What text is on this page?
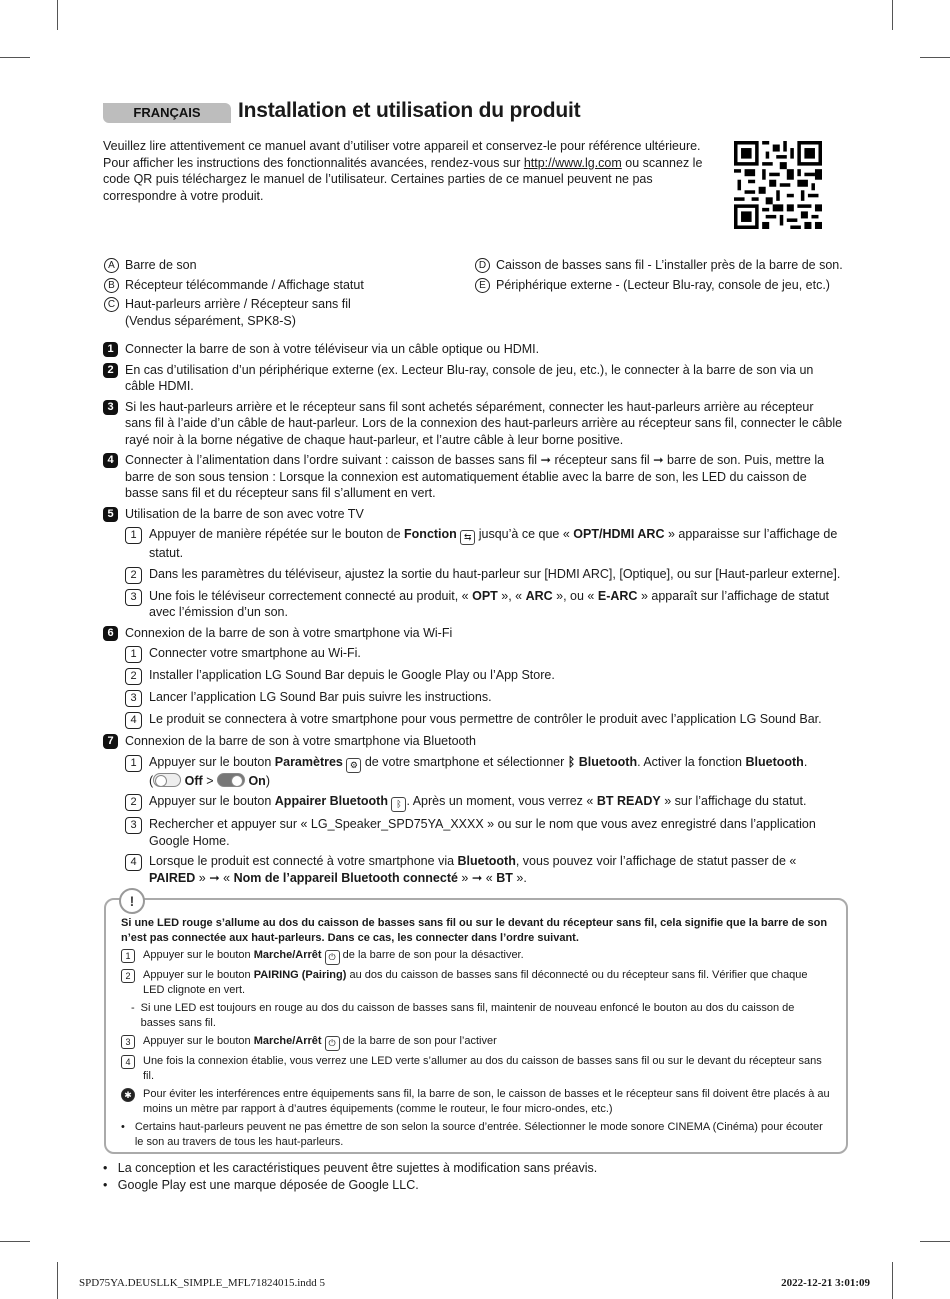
FRANÇAIS	Installation et utilisation du produit
Veuillez lire attentivement ce manuel avant d’utiliser votre appareil et conservez-le pour référence ultérieure. Pour afficher les instructions des fonctionnalités avancées, rendez-vous sur http://www.lg.com ou scannez le code QR puis téléchargez le manuel de l’utilisateur. Certaines parties de ce manuel peuvent ne pas correspondre à votre produit.
A Barre de son
B Récepteur télécommande / Affichage statut
C Haut-parleurs arrière / Récepteur sans fil
(Vendus séparément, SPK8-S)
D Caisson de basses sans fil - L’installer près de la barre de son.
E Périphérique externe - (Lecteur Blu-ray, console de jeu, etc.)
1 Connecter la barre de son à votre téléviseur via un câble optique ou HDMI.
2 En cas d’utilisation d’un périphérique externe (ex. Lecteur Blu-ray, console de jeu, etc.), le connecter à la barre de son via un câble HDMI.
3 Si les haut-parleurs arrière et le récepteur sans fil sont achetés séparément, connecter les haut-parleurs arrière au récepteur sans fil à l’aide d’un câble de haut-parleur. Lors de la connexion des haut-parleurs arrière au récepteur sans fil, connecter le câble rayé noir à la borne négative de chaque haut-parleur, et l’autre câble à leur borne positive.
4 Connecter à l’alimentation dans l’ordre suivant : caisson de basses sans fil ➞ récepteur sans fil ➞ barre de son. Puis, mettre la barre de son sous tension : Lorsque la connexion est automatiquement établie avec la barre de son, les LED du caisson de basse sans fil et du récepteur sans fil s’allument en vert.
5 Utilisation de la barre de son avec votre TV
1 Appuyer de manière répétée sur le bouton de Fonction ⇆ jusqu’à ce que « OPT/HDMI ARC » apparaisse sur l’affichage de statut.
2 Dans les paramètres du téléviseur, ajustez la sortie du haut-parleur sur [HDMI ARC], [Optique], ou sur [Haut-parleur externe].
3 Une fois le téléviseur correctement connecté au produit, « OPT », « ARC », ou « E-ARC » apparaît sur l’affichage de statut avec l’émission d’un son.
6 Connexion de la barre de son à votre smartphone via Wi-Fi
1 Connecter votre smartphone au Wi-Fi.
2 Installer l’application LG Sound Bar depuis le Google Play ou l’App Store.
3 Lancer l’application LG Sound Bar puis suivre les instructions.
4 Le produit se connectera à votre smartphone pour vous permettre de contrôler le produit avec l’application LG Sound Bar.
7 Connexion de la barre de son à votre smartphone via Bluetooth
1 Appuyer sur le bouton Paramètres ⚙ de votre smartphone et sélectionner ᛒ Bluetooth. Activer la fonction Bluetooth.
(	Off >	On)
2 Appuyer sur le bouton Appairer Bluetooth ᛒ . Après un moment, vous verrez « BT READY » sur l’affichage du statut.
3 Rechercher et appuyer sur « LG_Speaker_SPD75YA_XXXX » ou sur le nom que vous avez enregistré dans l’application Google Home.
4 Lorsque le produit est connecté à votre smartphone via Bluetooth, vous pouvez voir l’affichage de statut passer de « PAIRED » ➞ « Nom de l’appareil Bluetooth connecté » ➞ « BT ».
!
Si une LED rouge s’allume au dos du caisson de basses sans fil ou sur le devant du récepteur sans fil, cela signifie que la barre de son n’est pas connectée aux haut-parleurs. Dans ce cas, les connecter dans l’ordre suivant.
1	Appuyer sur le bouton Marche/Arrêt ⏻ de la barre de son pour la désactiver.
2	Appuyer sur le bouton PAIRING (Pairing) au dos du caisson de basses sans fil déconnecté ou du récepteur sans fil. Vérifier que chaque LED clignote en vert.
- Si une LED est toujours en rouge au dos du caisson de basses sans fil, maintenir de nouveau enfoncé le bouton au dos du caisson de basses sans fil.
3	Appuyer sur le bouton Marche/Arrêt ⏻ de la barre de son pour l’activer
4	Une fois la connexion établie, vous verrez une LED verte s’allumer au dos du caisson de basses sans fil ou sur le devant du récepteur sans fil.
✱ Pour éviter les interférences entre équipements sans fil, la barre de son, le caisson de basses et le récepteur sans fil doivent être placés à au moins un mètre par rapport à d’autres équipements (comme le routeur, le four micro-ondes, etc.)
• Certains haut-parleurs peuvent ne pas émettre de son selon la source d’entrée. Sélectionner le mode sonore CINEMA (Cinéma) pour écouter le son au travers de tous les haut-parleurs.
•   La conception et les caractéristiques peuvent être sujettes à modification sans préavis.
•   Google Play est une marque déposée de Google LLC.
SPD75YA.DEUSLLK_SIMPLE_MFL71824015.indd 5	2022-12-21 3:01:09
